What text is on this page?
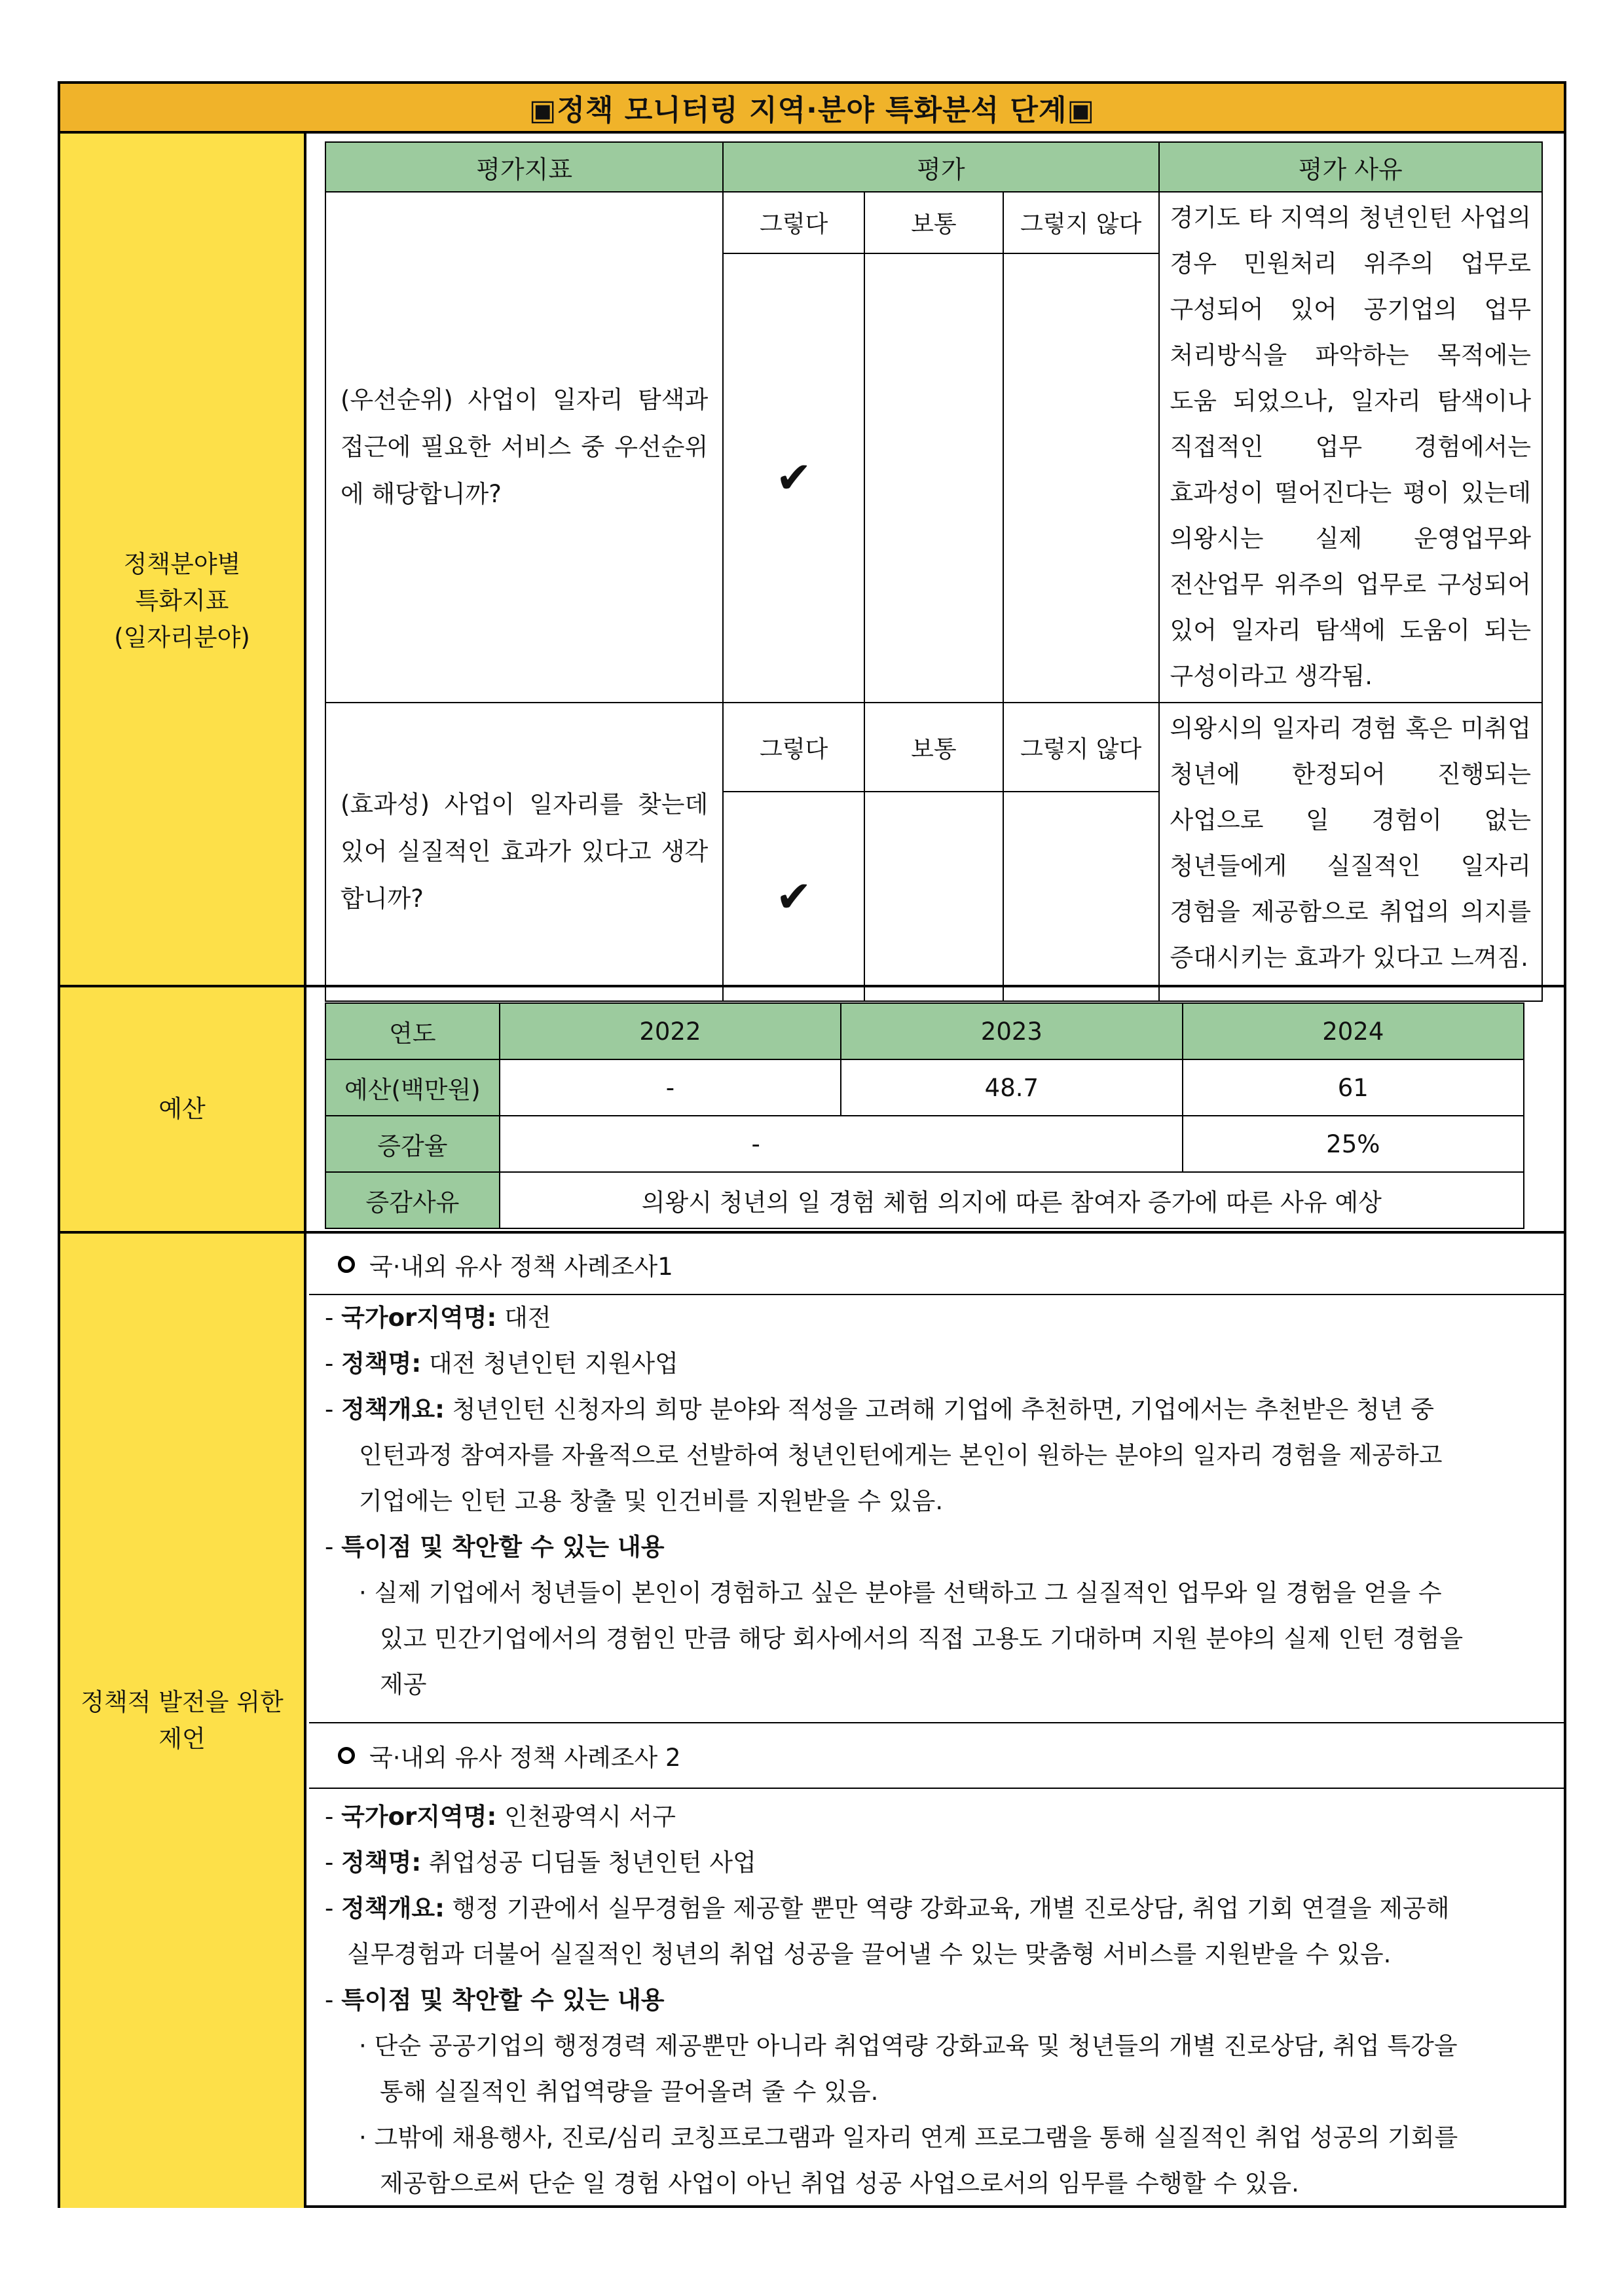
▣정책 모니터링 지역·분야 특화분석 단계▣
정책분야별
특화지표
(일자리분야)
평가지표	평가			평가 사유
(우선순위) 사업이 일자리 탐색과 접근에 필요한 서비스 중 우선순위에 해당합니까?	그렇다	보통	그렇지 않다	경기도 타 지역의 청년인턴 사업의 경우 민원처리 위주의 업무로 구성되어 있어 공기업의 업무 처리방식을 파악하는 목적에는 도움 되었으나, 일자리 탐색이나 직접적인 업무 경험에서는 효과성이 떨어진다는 평이 있는데 의왕시는 실제 운영업무와 전산업무 위주의 업무로 구성되어 있어 일자리 탐색에 도움이 되는 구성이라고 생각됨.
	✔			
(효과성) 사업이 일자리를 찾는데 있어 실질적인 효과가 있다고 생각합니까?	그렇다	보통	그렇지 않다	의왕시의 일자리 경험 혹은 미취업 청년에 한정되어 진행되는 사업으로 일 경험이 없는 청년들에게 실질적인 일자리 경험을 제공함으로 취업의 의지를 증대시키는 효과가 있다고 느껴짐.
	✔			
예산
연도	2022	2023	2024
예산(백만원)	-	48.7	61
증감율	-		25%
증감사유	의왕시 청년의 일 경험 체험 의지에 따른 참여자 증가에 따른 사유 예상		
정책적 발전을 위한
제언
국·내외 유사 정책 사례조사1
- 국가or지역명: 대전
- 정책명: 대전 청년인턴 지원사업
- 정책개요: 청년인턴 신청자의 희망 분야와 적성을 고려해 기업에 추천하면, 기업에서는 추천받은 청년 중
인턴과정 참여자를 자율적으로 선발하여 청년인턴에게는 본인이 원하는 분야의 일자리 경험을 제공하고
기업에는 인턴 고용 창출 및 인건비를 지원받을 수 있음.
- 특이점 및 착안할 수 있는 내용
· 실제 기업에서 청년들이 본인이 경험하고 싶은 분야를 선택하고 그 실질적인 업무와 일 경험을 얻을 수
있고 민간기업에서의 경험인 만큼 해당 회사에서의 직접 고용도 기대하며 지원 분야의 실제 인턴 경험을
제공
국·내외 유사 정책 사례조사 2
- 국가or지역명: 인천광역시 서구
- 정책명: 취업성공 디딤돌 청년인턴 사업
- 정책개요: 행정 기관에서 실무경험을 제공할 뿐만 역량 강화교육, 개별 진로상담, 취업 기회 연결을 제공해
실무경험과 더불어 실질적인 청년의 취업 성공을 끌어낼 수 있는 맞춤형 서비스를 지원받을 수 있음.
- 특이점 및 착안할 수 있는 내용
· 단순 공공기업의 행정경력 제공뿐만 아니라 취업역량 강화교육 및 청년들의 개별 진로상담, 취업 특강을
통해 실질적인 취업역량을 끌어올려 줄 수 있음.
· 그밖에 채용행사, 진로/심리 코칭프로그램과 일자리 연계 프로그램을 통해 실질적인 취업 성공의 기회를
제공함으로써 단순 일 경험 사업이 아닌 취업 성공 사업으로서의 임무를 수행할 수 있음.
